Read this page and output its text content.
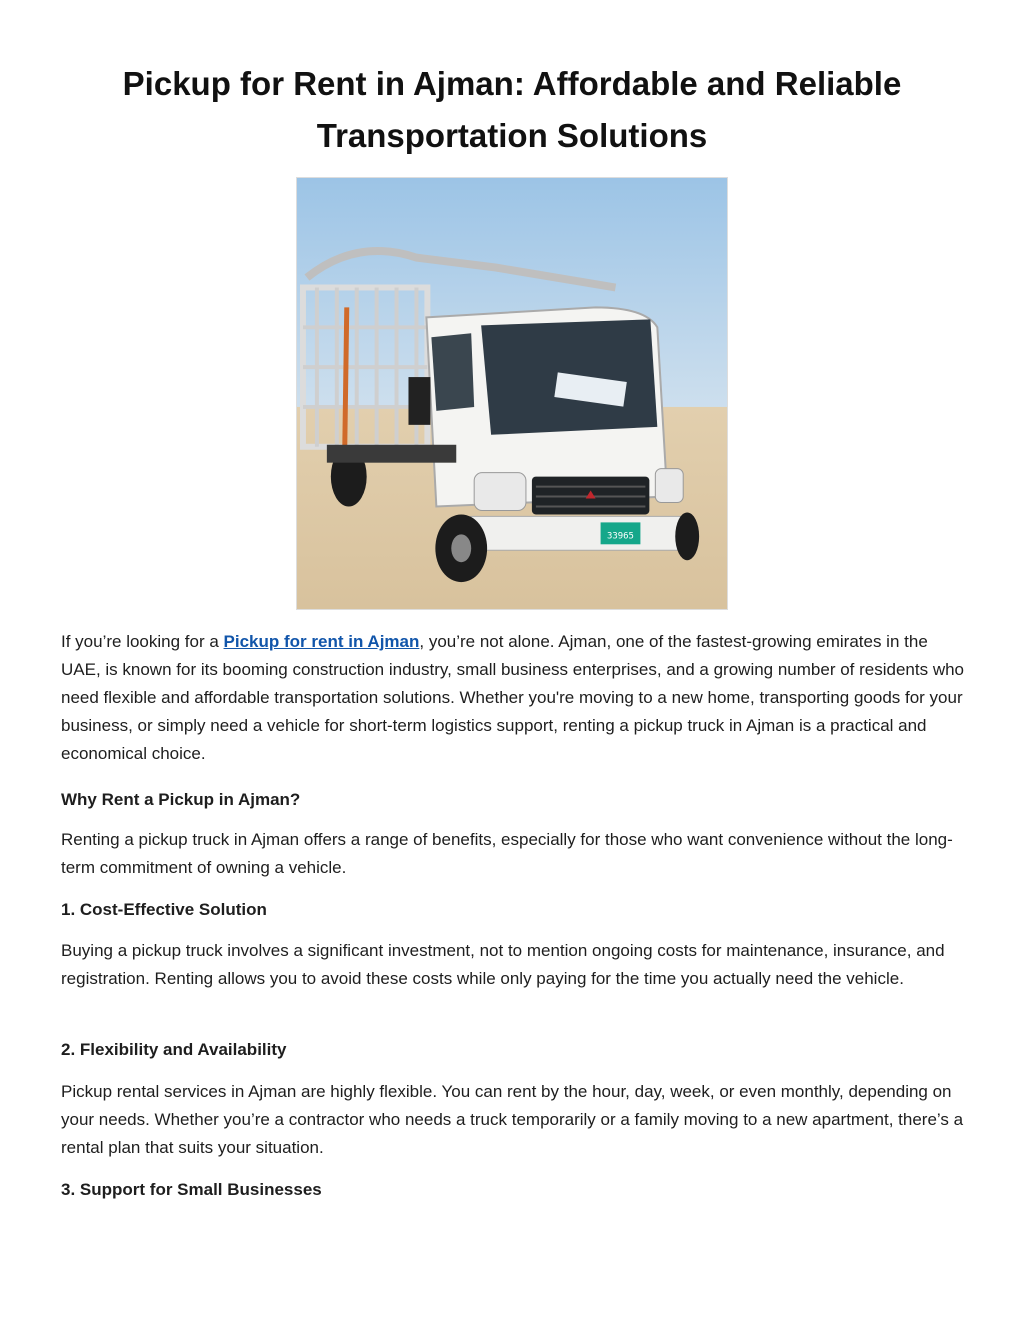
Pickup for Rent in Ajman: Affordable and Reliable
Transportation Solutions
33965

If you’re looking for a Pickup for rent in Ajman, you’re not alone. Ajman, one of the fastest-growing emirates in the UAE, is known for its booming construction industry, small business enterprises, and a growing number of residents who need flexible and affordable transportation solutions. Whether you're moving to a new home, transporting goods for your business, or simply need a vehicle for short-term logistics support, renting a pickup truck in Ajman is a practical and economical choice.

Why Rent a Pickup in Ajman?

Renting a pickup truck in Ajman offers a range of benefits, especially for those who want convenience without the long-term commitment of owning a vehicle.

1. Cost-Effective Solution

Buying a pickup truck involves a significant investment, not to mention ongoing costs for maintenance, insurance, and registration. Renting allows you to avoid these costs while only paying for the time you actually need the vehicle.

2. Flexibility and Availability

Pickup rental services in Ajman are highly flexible. You can rent by the hour, day, week, or even monthly, depending on your needs. Whether you’re a contractor who needs a truck temporarily or a family moving to a new apartment, there’s a rental plan that suits your situation.

3. Support for Small Businesses
